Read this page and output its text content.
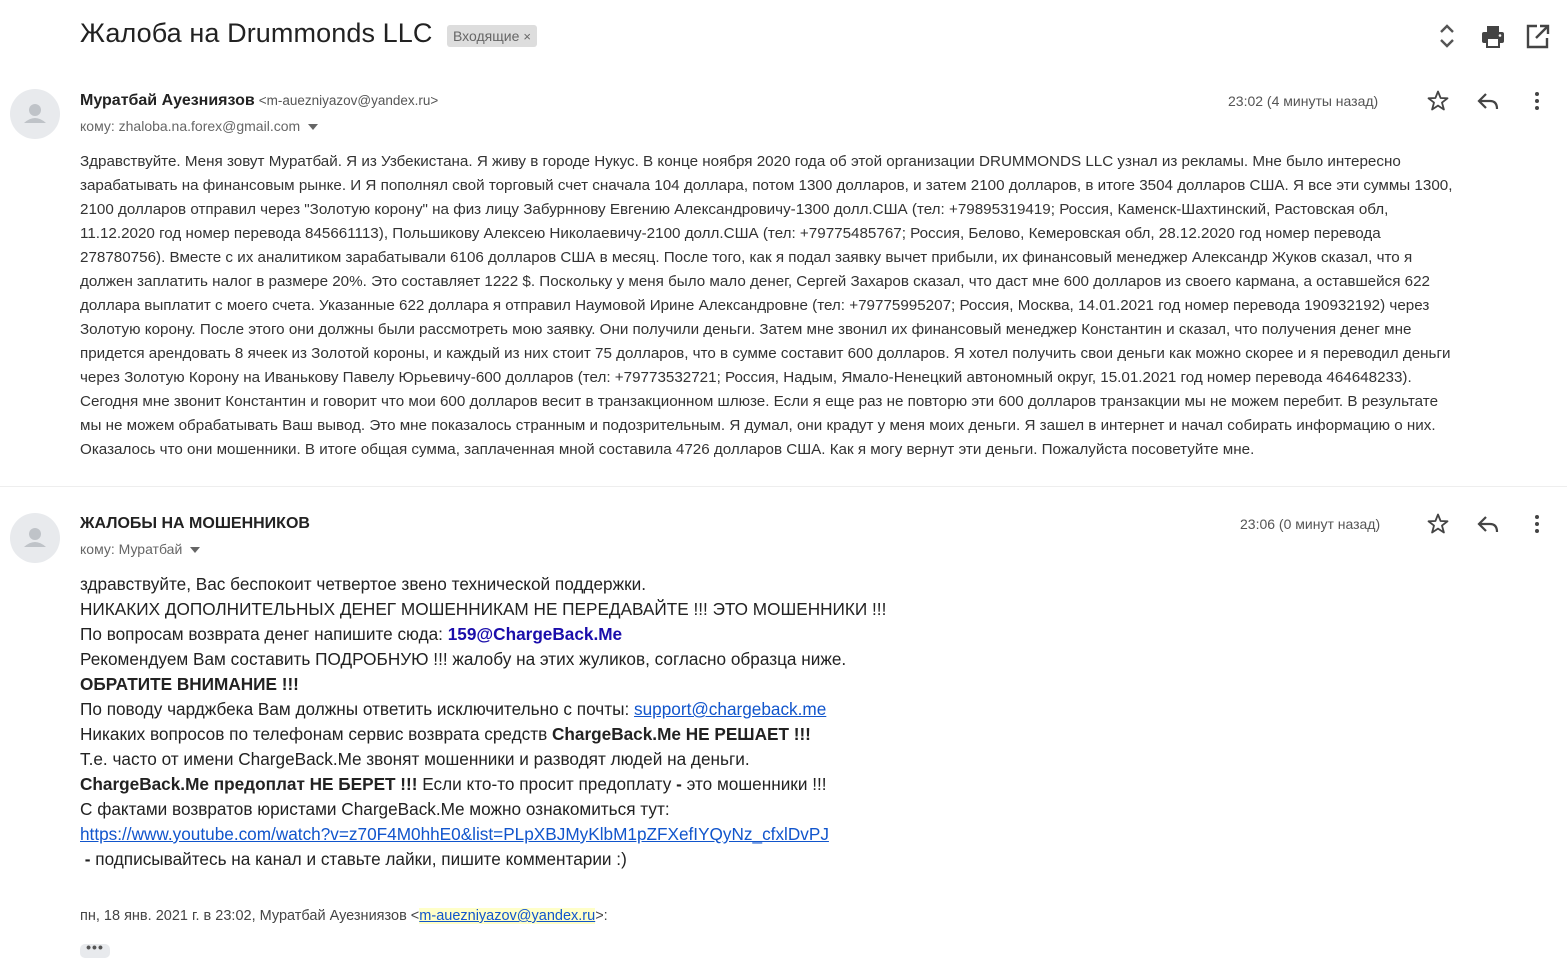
Жалоба на Drummonds LLC	Входящие ×
Муратбай Ауезниязов <m-auezniyazov@yandex.ru>
кому: zhaloba.na.forex@gmail.com
23:02 (4 минуты назад)
Здравствуйте. Меня зовут Муратбай. Я из Узбекистана. Я живу в городе Нукус. В конце ноября 2020 года об этой организации DRUMMONDS LLC узнал из рекламы. Мне было интересно
зарабатывать на финансовым рынке. И Я пополнял свой торговый счет сначала 104 доллара, потом 1300 долларов, и затем 2100 долларов, в итоге 3504 долларов США. Я все эти суммы 1300,
2100 долларов отправил через "Золотую корону" на физ лицу Забурннову Евгению Александровичу-1300 долл.США (тел: +79895319419; Россия, Каменск-Шахтинский, Растовская обл,
11.12.2020 год номер перевода 845661113), Польшикову Алексею Николаевичу-2100 долл.США (тел: +79775485767; Россия, Белово, Кемеровская обл, 28.12.2020 год номер перевода
278780756). Вместе с их аналитиком зарабатывали 6106 долларов США в месяц. После того, как я подал заявку вычет прибыли, их финансовый менеджер Александр Жуков сказал, что я
должен заплатить налог в размере 20%. Это составляет 1222 $. Поскольку у меня было мало денег, Сергей Захаров сказал, что даст мне 600 долларов из своего кармана, а оставшейся 622
доллара выплатит с моего счета. Указанные 622 доллара я отправил Наумовой Ирине Александровне (тел: +79775995207; Россия, Москва, 14.01.2021 год номер перевода 190932192) через
Золотую корону. После этого они должны были рассмотреть мою заявку. Они получили деньги. Затем мне звонил их финансовый менеджер Константин и сказал, что получения денег мне
придется арендовать 8 ячеек из Золотой короны, и каждый из них стоит 75 долларов, что в сумме составит 600 долларов. Я хотел получить свои деньги как можно скорее и я переводил деньги
через Золотую Корону на Иванькову Павелу Юрьевичу-600 долларов (тел: +79773532721; Россия, Надым, Ямало-Ненецкий автономный округ, 15.01.2021 год номер перевода 464648233).
Сегодня мне звонит Константин и говорит что мои 600 долларов весит в транзакционном шлюзе. Если я еще раз не повторю эти 600 долларов транзакции мы не можем перебит. В результате
мы не можем обрабатывать Ваш вывод. Это мне показалось странным и подозрительным. Я думал, они крадут у меня моих деньги. Я зашел в интернет и начал собирать информацию о них.
Оказалось что они мошенники. В итоге общая сумма, заплаченная мной составила 4726 долларов США. Как я могу вернут эти деньги. Пожалуйста посоветуйте мне.
ЖАЛОБЫ НА МОШЕННИКОВ
кому: Муратбай
23:06 (0 минут назад)
здравствуйте, Вас беспокоит четвертое звено технической поддержки.
НИКАКИХ ДОПОЛНИТЕЛЬНЫХ ДЕНЕГ МОШЕННИКАМ НЕ ПЕРЕДАВАЙТЕ !!! ЭТО МОШЕННИКИ !!!
По вопросам возврата денег напишите сюда: 159@ChargeBack.Me
Рекомендуем Вам составить ПОДРОБНУЮ !!! жалобу на этих жуликов, согласно образца ниже.
ОБРАТИТЕ ВНИМАНИЕ !!!
По поводу чарджбека Вам должны ответить исключительно с почты: support@chargeback.me
Никаких вопросов по телефонам сервис возврата средств ChargeBack.Me НЕ РЕШАЕТ !!!
Т.е. часто от имени ChargeBack.Me звонят мошенники и разводят людей на деньги.
ChargeBack.Me предоплат НЕ БЕРЕТ !!! Если кто-то просит предоплату - это мошенники !!!
С фактами возвратов юристами ChargeBack.Me можно ознакомиться тут:
https://www.youtube.com/watch?v=z70F4M0hhE0&list=PLpXBJMyKlbM1pZFXefIYQyNz_cfxlDvPJ
- подписывайтесь на канал и ставьте лайки, пишите комментарии :)
пн, 18 янв. 2021 г. в 23:02, Муратбай Ауезниязов <m-auezniyazov@yandex.ru>:
•••
